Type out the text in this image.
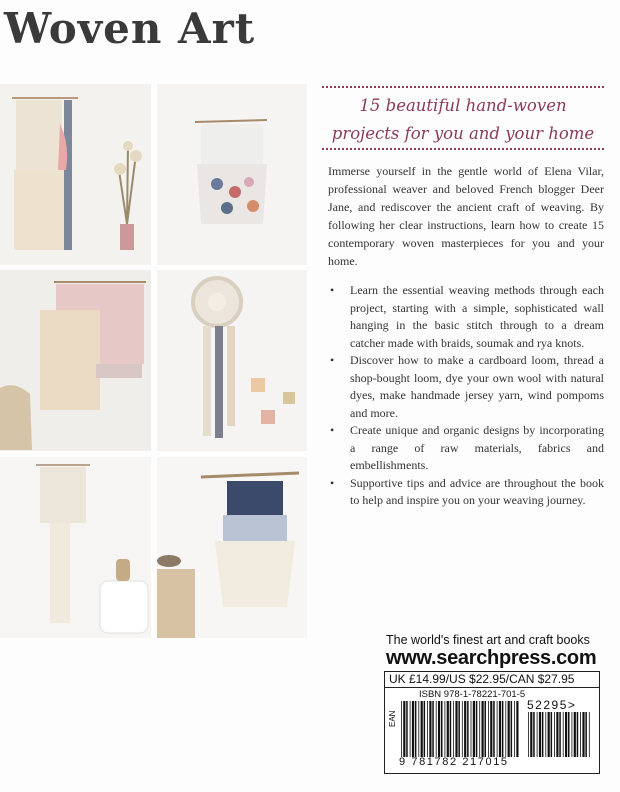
Woven Art
15 beautiful hand-woven
projects for you and your home

Immerse yourself in the gentle world of Elena Vilar, professional weaver and beloved French blogger Deer Jane, and rediscover the ancient craft of weaving. By following her clear instructions, learn how to create 15 contemporary woven masterpieces for you and your home.

• Learn the essential weaving methods through each project, starting with a simple, sophisticated wall hanging in the basic stitch through to a dream catcher made with braids, soumak and rya knots.
• Discover how to make a cardboard loom, thread a shop-bought loom, dye your own wool with natural dyes, make handmade jersey yarn, wind pompoms and more.
• Create unique and organic designs by incorporating a range of raw materials, fabrics and embellishments.
• Supportive tips and advice are throughout the book to help and inspire you on your weaving journey.
The world's finest art and craft books
www.searchpress.com
UK £14.99/US $22.95/CAN $27.95
ISBN 978-1-78221-701-5
EAN
52295>
9 781782 217015
